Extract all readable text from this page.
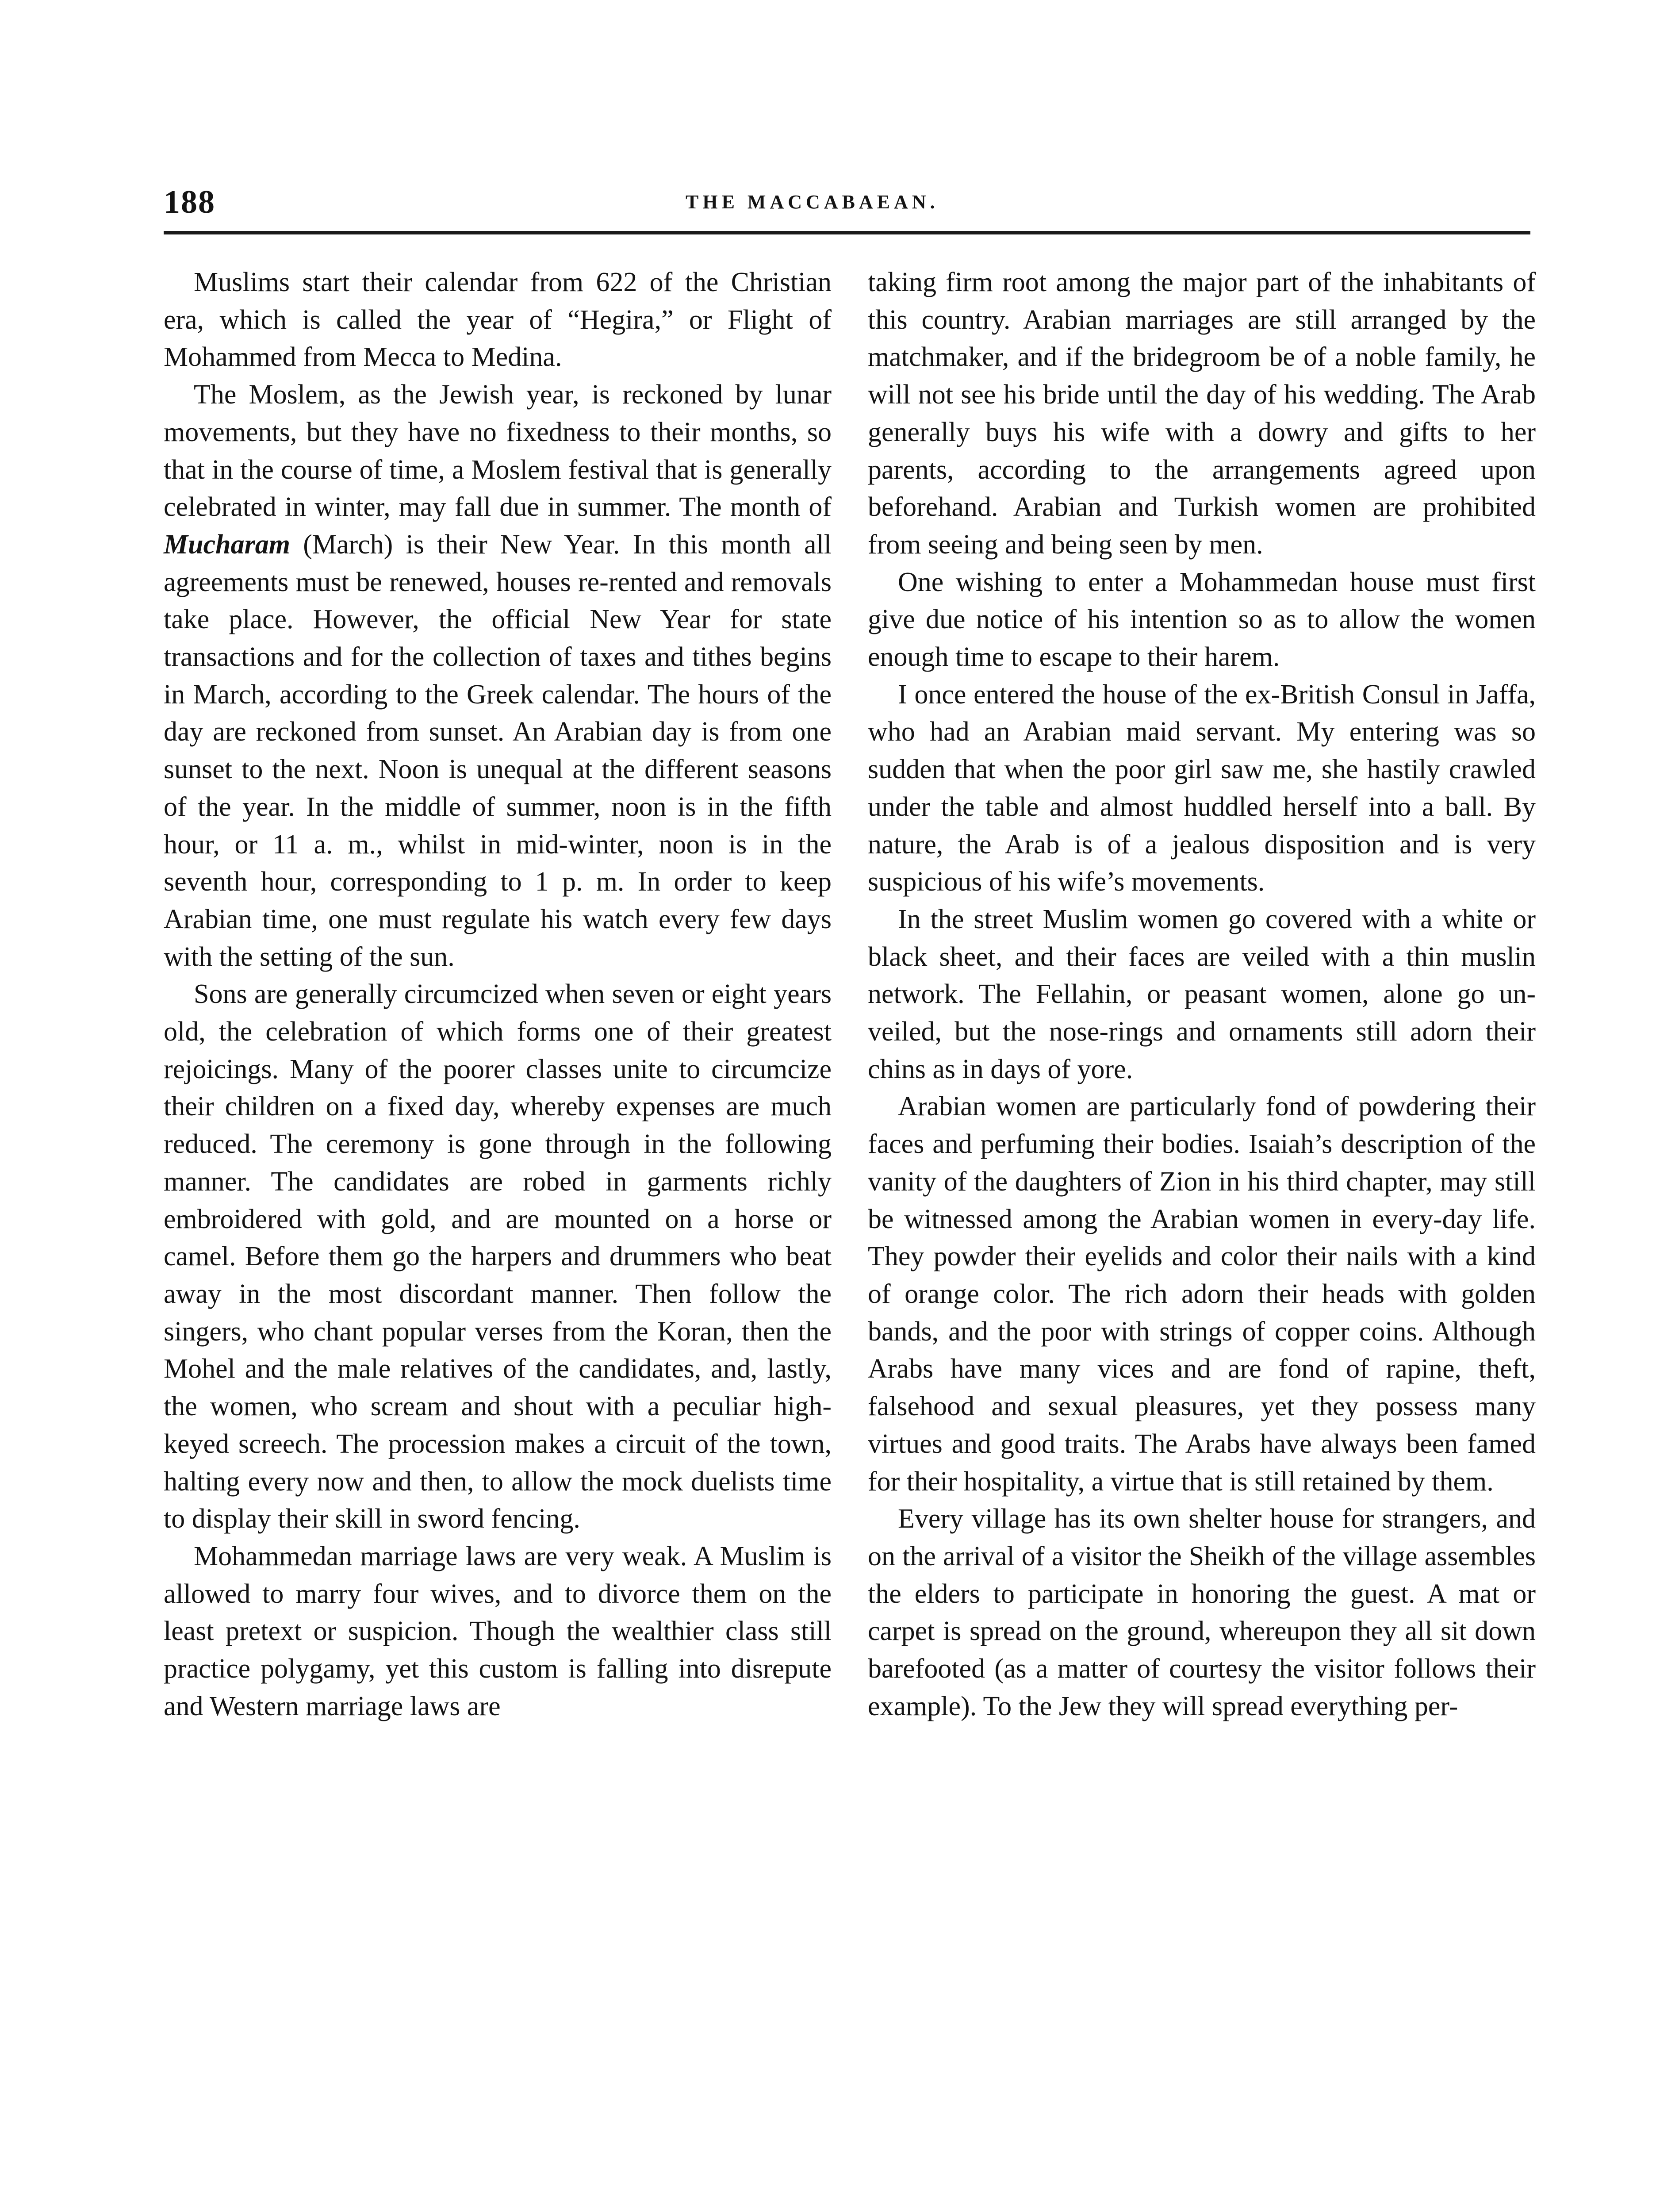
188	THE MACCABAEAN.

Muslims start their calendar from 622 of the Christian era, which is called the year of “Hegira,” or Flight of Mohammed from Mecca to Medina.

The Moslem, as the Jewish year, is reckoned by lunar movements, but they have no fixedness to their months, so that in the course of time, a Moslem festival that is generally celebrated in winter, may fall due in summer. The month of Mucharam (March) is their New Year. In this month all agreements must be renewed, houses re-rented and removals take place. However, the official New Year for state transactions and for the collection of taxes and tithes begins in March, according to the Greek calendar. The hours of the day are reckoned from sunset. An Arabian day is from one sunset to the next. Noon is unequal at the different seasons of the year. In the middle of summer, noon is in the fifth hour, or 11 a. m., whilst in mid-winter, noon is in the seventh hour, corresponding to 1 p. m. In order to keep Arabian time, one must regulate his watch every few days with the setting of the sun.

Sons are generally circumcized when seven or eight years old, the celebration of which forms one of their greatest rejoicings. Many of the poorer classes unite to circumcize their children on a fixed day, whereby expenses are much reduced. The ceremony is gone through in the following manner. The candidates are robed in garments richly embroidered with gold, and are mounted on a horse or camel. Before them go the harpers and drummers who beat away in the most discordant manner. Then follow the singers, who chant popular verses from the Koran, then the Mohel and the male relatives of the candidates, and, lastly, the women, who scream and shout with a peculiar high-keyed screech. The procession makes a circuit of the town, halting every now and then, to allow the mock duelists time to display their skill in sword fencing.

Mohammedan marriage laws are very weak. A Muslim is allowed to marry four wives, and to divorce them on the least pretext or suspicion. Though the wealthier class still practice polygamy, yet this custom is falling into disrepute and Western marriage laws are

taking firm root among the major part of the inhabitants of this country. Arabian marriages are still arranged by the matchmaker, and if the bridegroom be of a noble family, he will not see his bride until the day of his wedding. The Arab generally buys his wife with a dowry and gifts to her parents, according to the arrangements agreed upon beforehand. Arabian and Turkish women are prohibited from seeing and being seen by men.

One wishing to enter a Mohammedan house must first give due notice of his intention so as to allow the women enough time to escape to their harem.

I once entered the house of the ex-British Consul in Jaffa, who had an Arabian maid servant. My entering was so sudden that when the poor girl saw me, she hastily crawled under the table and almost huddled herself into a ball. By nature, the Arab is of a jealous disposition and is very suspicious of his wife’s movements.

In the street Muslim women go covered with a white or black sheet, and their faces are veiled with a thin muslin network. The Fellahin, or peasant women, alone go unveiled, but the nose-rings and ornaments still adorn their chins as in days of yore.

Arabian women are particularly fond of powdering their faces and perfuming their bodies. Isaiah’s description of the vanity of the daughters of Zion in his third chapter, may still be witnessed among the Arabian women in every-day life. They powder their eyelids and color their nails with a kind of orange color. The rich adorn their heads with golden bands, and the poor with strings of copper coins. Although Arabs have many vices and are fond of rapine, theft, falsehood and sexual pleasures, yet they possess many virtues and good traits. The Arabs have always been famed for their hospitality, a virtue that is still retained by them.

Every village has its own shelter house for strangers, and on the arrival of a visitor the Sheikh of the village assembles the elders to participate in honoring the guest. A mat or carpet is spread on the ground, whereupon they all sit down barefooted (as a matter of courtesy the visitor follows their example). To the Jew they will spread everything per-
